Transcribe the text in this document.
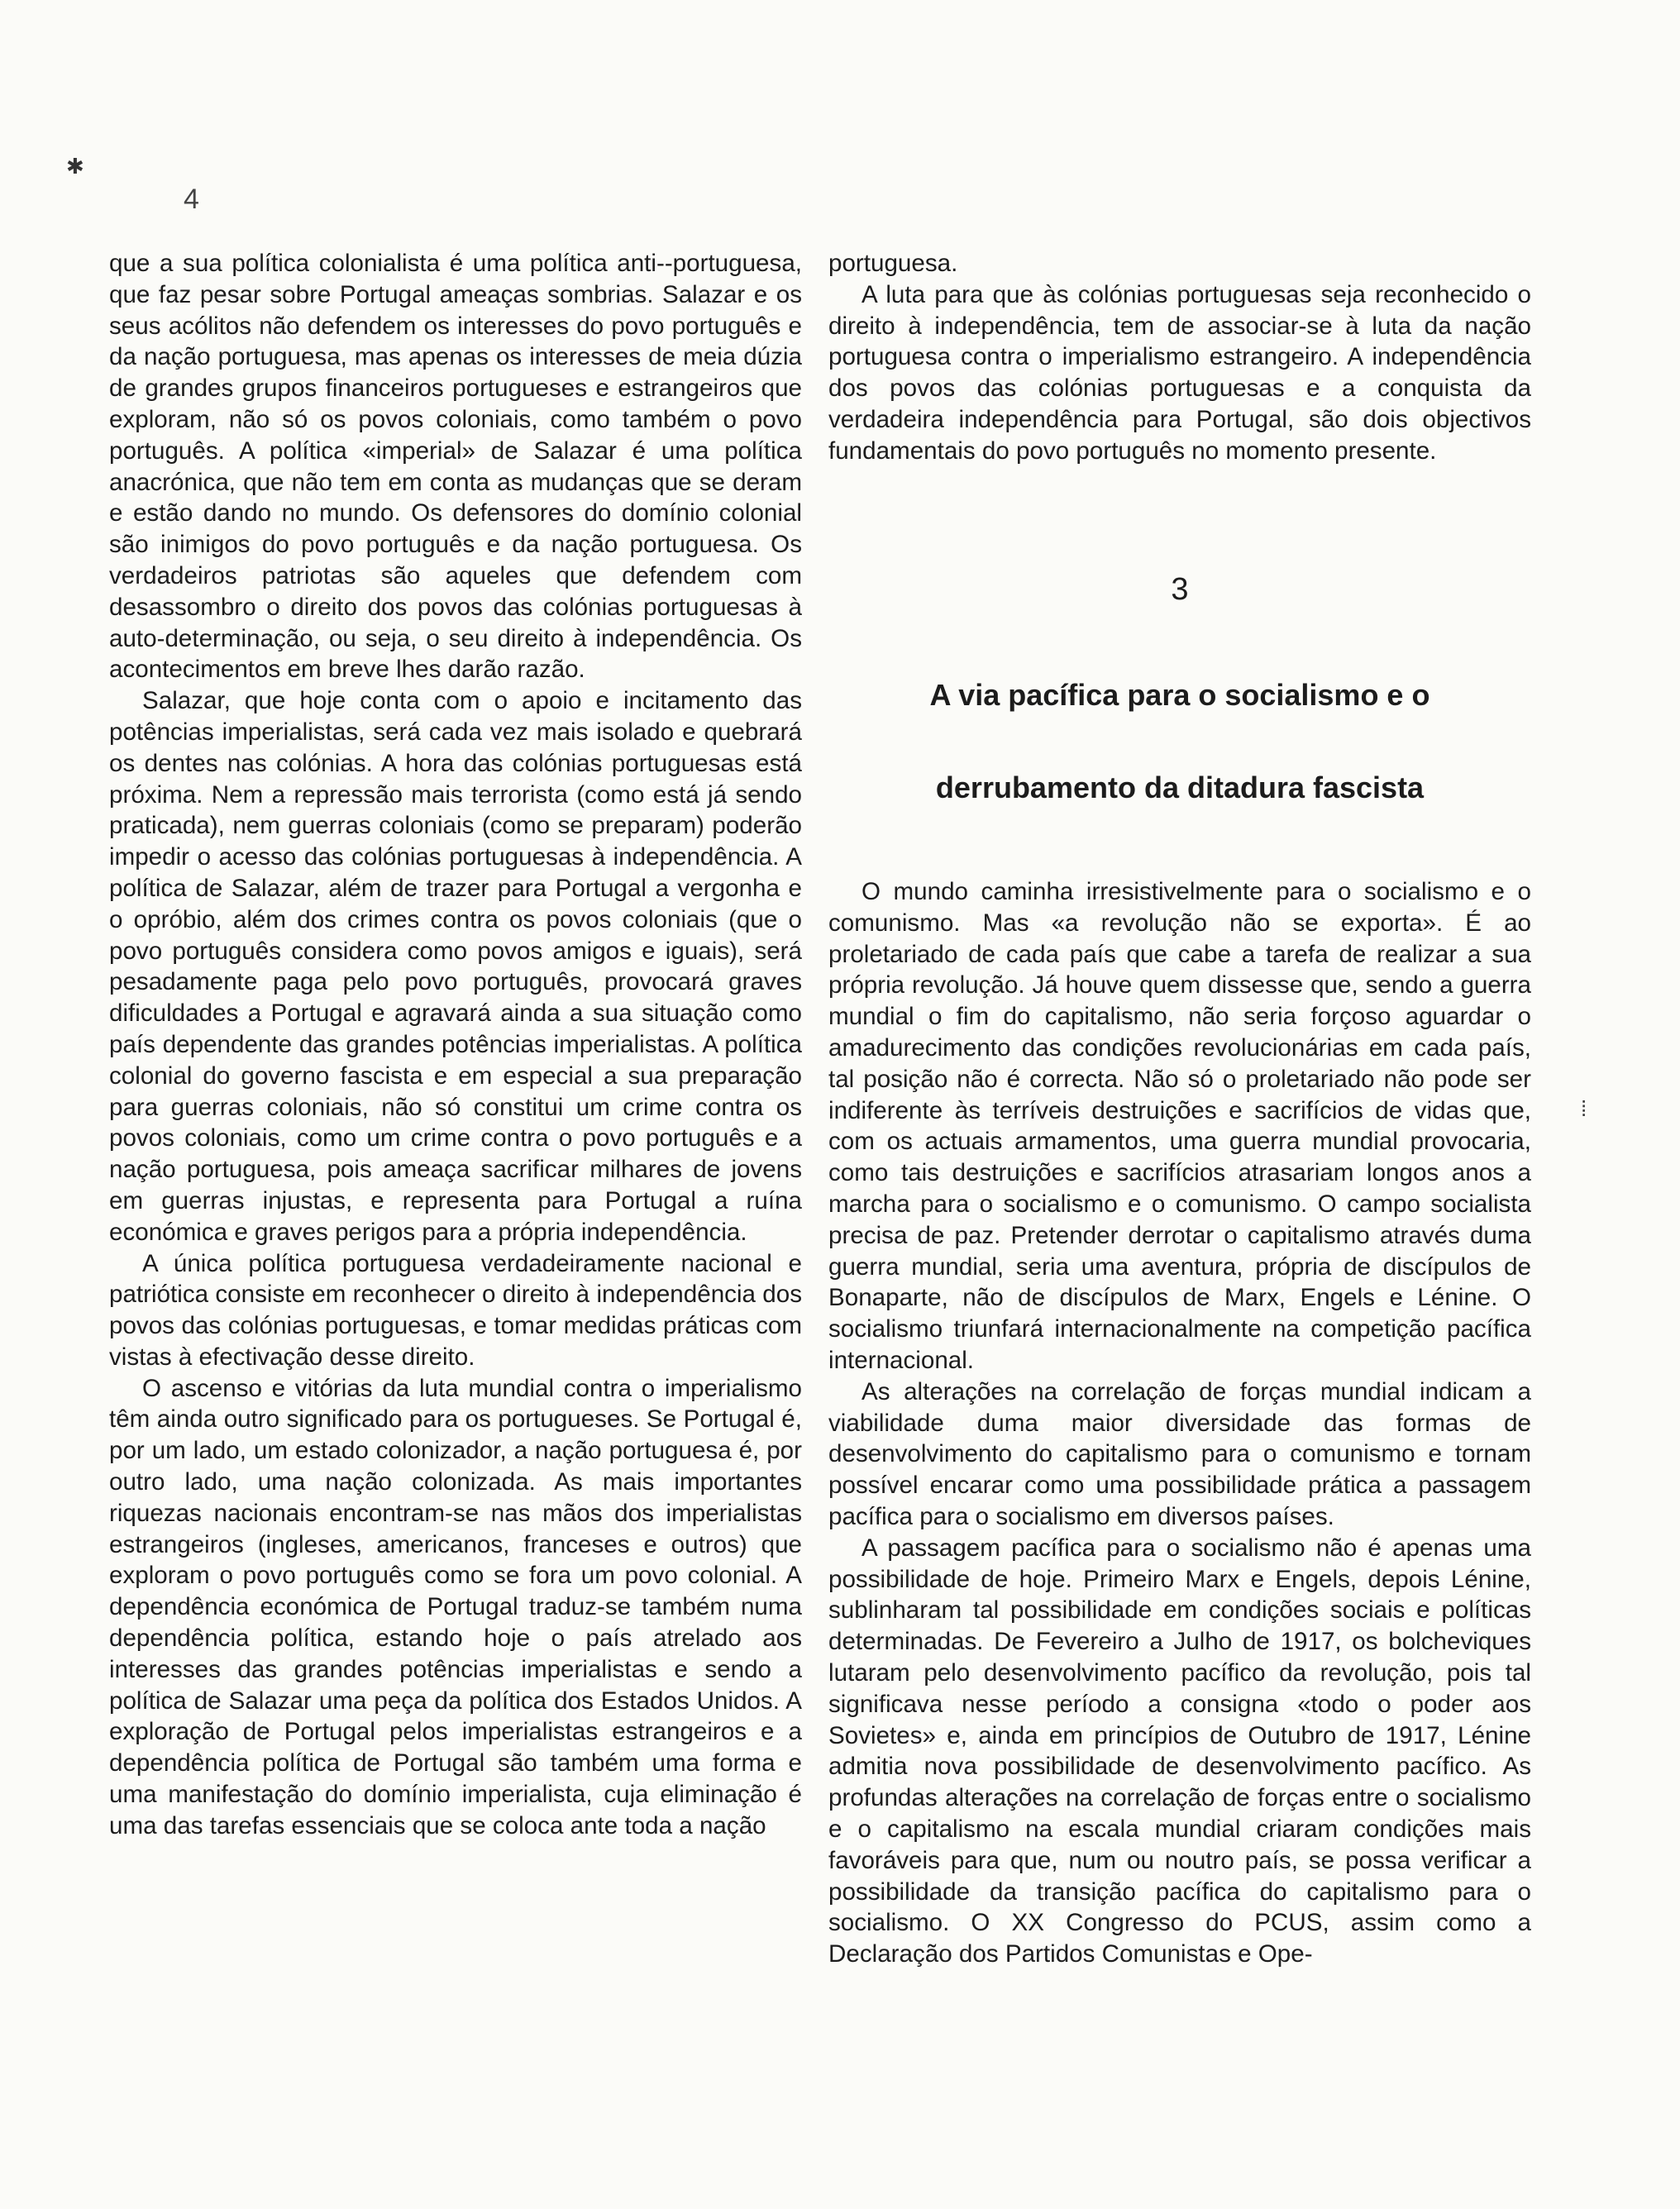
✱
⁞
4

que a sua política colonialista é uma política anti--portuguesa, que faz pesar sobre Portugal ameaças sombrias. Salazar e os seus acólitos não defendem os interesses do povo português e da nação portuguesa, mas apenas os interesses de meia dúzia de grandes grupos financeiros portugueses e estrangeiros que exploram, não só os povos coloniais, como também o povo português. A política «imperial» de Salazar é uma política anacrónica, que não tem em conta as mudanças que se deram e estão dando no mundo. Os defensores do domínio colonial são inimigos do povo português e da nação portuguesa. Os verdadeiros patriotas são aqueles que defendem com desassombro o direito dos povos das colónias portuguesas à auto-determinação, ou seja, o seu direito à independência. Os acontecimentos em breve lhes darão razão.

Salazar, que hoje conta com o apoio e incitamento das potências imperialistas, será cada vez mais isolado e quebrará os dentes nas colónias. A hora das colónias portuguesas está próxima. Nem a repressão mais terrorista (como está já sendo praticada), nem guerras coloniais (como se preparam) poderão impedir o acesso das colónias portuguesas à independência. A política de Salazar, além de trazer para Portugal a vergonha e o opróbio, além dos crimes contra os povos coloniais (que o povo português considera como povos amigos e iguais), será pesadamente paga pelo povo português, provocará graves dificuldades a Portugal e agravará ainda a sua situação como país dependente das grandes potências imperialistas. A política colonial do governo fascista e em especial a sua preparação para guerras coloniais, não só constitui um crime contra os povos coloniais, como um crime contra o povo português e a nação portuguesa, pois ameaça sacrificar milhares de jovens em guerras injustas, e representa para Portugal a ruína económica e graves perigos para a própria independência.

A única política portuguesa verdadeiramente nacional e patriótica consiste em reconhecer o direito à independência dos povos das colónias portuguesas, e tomar medidas práticas com vistas à efectivação desse direito.

O ascenso e vitórias da luta mundial contra o imperialismo têm ainda outro significado para os portugueses. Se Portugal é, por um lado, um estado colonizador, a nação portuguesa é, por outro lado, uma nação colonizada. As mais importantes riquezas nacionais encontram-se nas mãos dos imperialistas estrangeiros (ingleses, americanos, franceses e outros) que exploram o povo português como se fora um povo colonial. A dependência económica de Portugal traduz-se também numa dependência política, estando hoje o país atrelado aos interesses das grandes potências imperialistas e sendo a política de Salazar uma peça da política dos Estados Unidos. A exploração de Portugal pelos imperialistas estrangeiros e a dependência política de Portugal são também uma forma e uma manifestação do domínio imperialista, cuja eliminação é uma das tarefas essenciais que se coloca ante toda a nação

portuguesa.

A luta para que às colónias portuguesas seja reconhecido o direito à independência, tem de associar-se à luta da nação portuguesa contra o imperialismo estrangeiro. A independência dos povos das colónias portuguesas e a conquista da verdadeira independência para Portugal, são dois objectivos fundamentais do povo português no momento presente.

3
A via pacífica para o socialismo e o
derrubamento da ditadura fascista

O mundo caminha irresistivelmente para o socialismo e o comunismo. Mas «a revolução não se exporta». É ao proletariado de cada país que cabe a tarefa de realizar a sua própria revolução. Já houve quem dissesse que, sendo a guerra mundial o fim do capitalismo, não seria forçoso aguardar o amadurecimento das condições revolucionárias em cada país, tal posição não é correcta. Não só o proletariado não pode ser indiferente às terríveis destruições e sacrifícios de vidas que, com os actuais armamentos, uma guerra mundial provocaria, como tais destruições e sacrifícios atrasariam longos anos a marcha para o socialismo e o comunismo. O campo socialista precisa de paz. Pretender derrotar o capitalismo através duma guerra mundial, seria uma aventura, própria de discípulos de Bonaparte, não de discípulos de Marx, Engels e Lénine. O socialismo triunfará internacionalmente na competição pacífica internacional.

As alterações na correlação de forças mundial indicam a viabilidade duma maior diversidade das formas de desenvolvimento do capitalismo para o comunismo e tornam possível encarar como uma possibilidade prática a passagem pacífica para o socialismo em diversos países.

A passagem pacífica para o socialismo não é apenas uma possibilidade de hoje. Primeiro Marx e Engels, depois Lénine, sublinharam tal possibilidade em condições sociais e políticas determinadas. De Fevereiro a Julho de 1917, os bolcheviques lutaram pelo desenvolvimento pacífico da revolução, pois tal significava nesse período a consigna «todo o poder aos Sovietes» e, ainda em princípios de Outubro de 1917, Lénine admitia nova possibilidade de desenvolvimento pacífico. As profundas alterações na correlação de forças entre o socialismo e o capitalismo na escala mundial criaram condições mais favoráveis para que, num ou noutro país, se possa verificar a possibilidade da transição pacífica do capitalismo para o socialismo. O XX Congresso do PCUS, assim como a Declaração dos Partidos Comunistas e Ope-
